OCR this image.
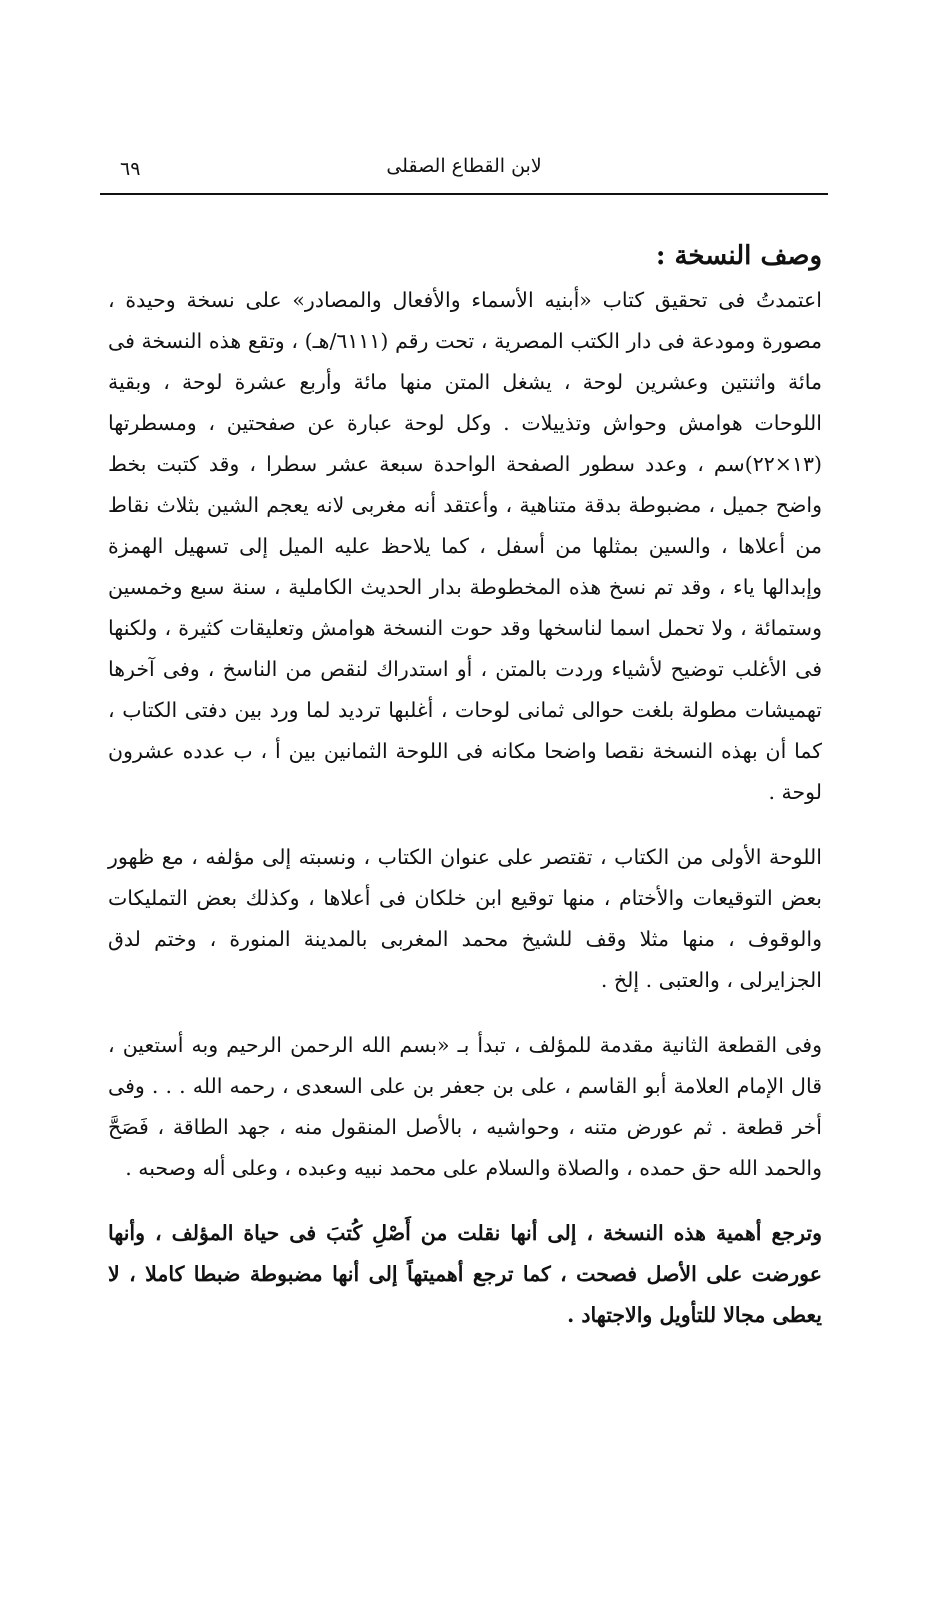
٦٩	لابن القطاع الصقلى
وصف النسخة :

اعتمدتُ فى تحقيق كتاب «أبنيه الأسماء والأفعال والمصادر» على نسخة وحيدة ، مصورة ومودعة فى دار الكتب المصرية ، تحت رقم (٦١١١/هـ) ، وتقع هذه النسخة فى مائة واثنتين وعشرين لوحة ، يشغل المتن منها مائة وأربع عشرة لوحة ، وبقية اللوحات هوامش وحواش وتذييلات . وكل لوحة عبارة عن صفحتين ، ومسطرتها (١٣×٢٢)سم ، وعدد سطور الصفحة الواحدة سبعة عشر سطرا ، وقد كتبت بخط واضح جميل ، مضبوطة بدقة متناهية ، وأعتقد أنه مغربى لانه يعجم الشين بثلاث نقاط من أعلاها ، والسين بمثلها من أسفل ، كما يلاحظ عليه الميل إلى تسهيل الهمزة وإبدالها ياء ، وقد تم نسخ هذه المخطوطة بدار الحديث الكاملية ، سنة سبع وخمسين وستمائة ، ولا تحمل اسما لناسخها وقد حوت النسخة هوامش وتعليقات كثيرة ، ولكنها فى الأغلب توضيح لأشياء وردت بالمتن ، أو استدراك لنقص من الناسخ ، وفى آخرها تهميشات مطولة بلغت حوالى ثمانى لوحات ، أغلبها ترديد لما ورد بين دفتى الكتاب ، كما أن بهذه النسخة نقصا واضحا مكانه فى اللوحة الثمانين بين أ ، ب عدده عشرون لوحة .

اللوحة الأولى من الكتاب ، تقتصر على عنوان الكتاب ، ونسبته إلى مؤلفه ، مع ظهور بعض التوقيعات والأختام ، منها توقيع ابن خلكان فى أعلاها ، وكذلك بعض التمليكات والوقوف ، منها مثلا وقف للشيخ محمد المغربى بالمدينة المنورة ، وختم لدق الجزايرلى ، والعتبى . إلخ .

وفى القطعة الثانية مقدمة للمؤلف ، تبدأ بـ «بسم الله الرحمن الرحيم وبه أستعين ، قال الإمام العلامة أبو القاسم ، على بن جعفر بن على السعدى ، رحمه الله . . . وفى أخر قطعة . ثم عورض متنه ، وحواشيه ، بالأصل المنقول منه ، جهد الطاقة ، فَصَحَّ والحمد الله حق حمده ، والصلاة والسلام على محمد نبيه وعبده ، وعلى أله وصحبه .

وترجع أهمية هذه النسخة ، إلى أنها نقلت من أَصْلِ كُتبَ فى حياة المؤلف ، وأنها عورضت على الأصل فصحت ، كما ترجع أهميتهاً إلى أنها مضبوطة ضبطا كاملا ، لا يعطى مجالا للتأويل والاجتهاد .
